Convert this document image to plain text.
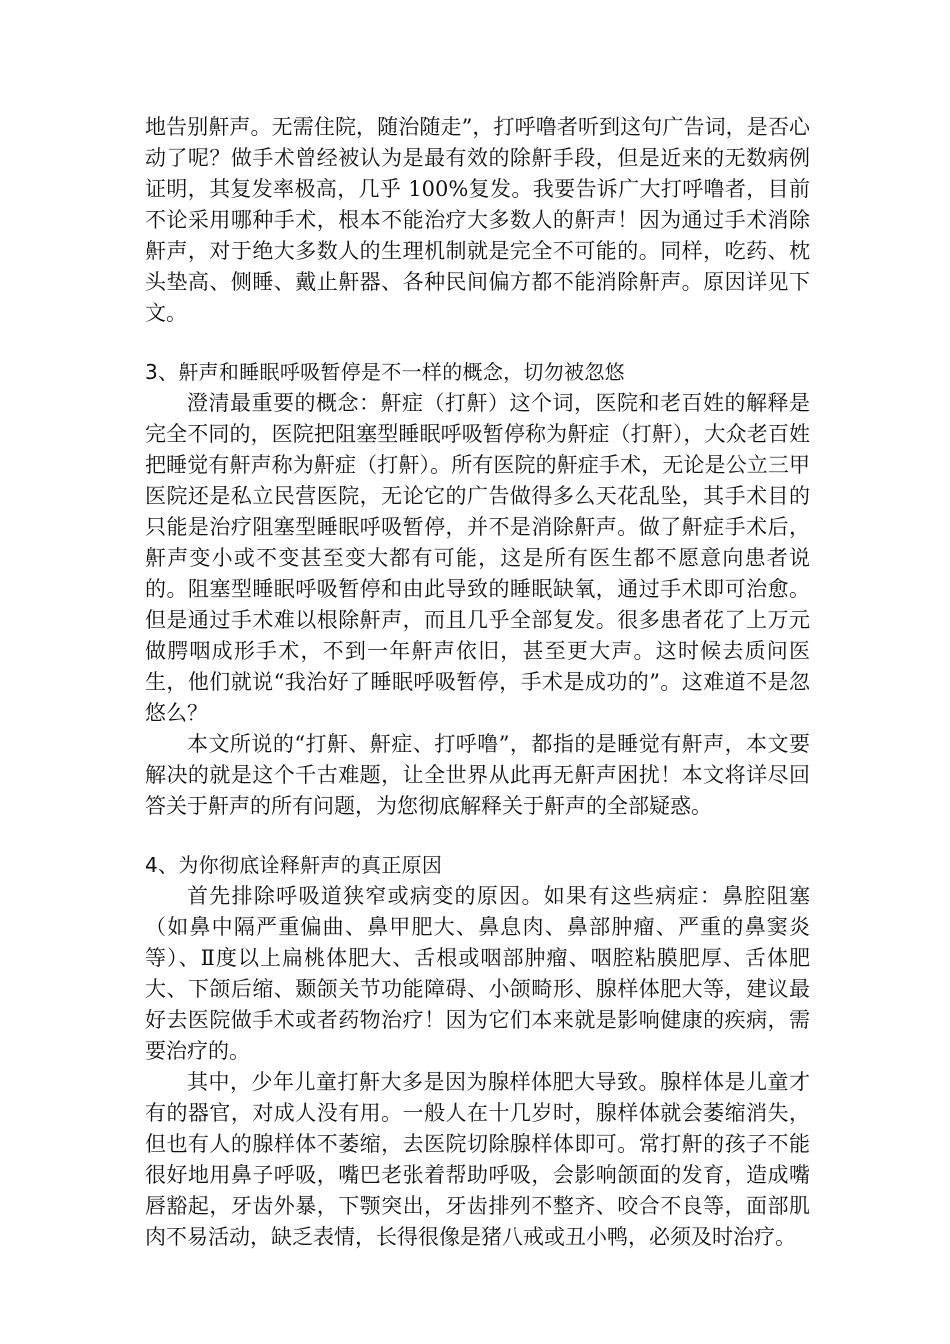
地告别鼾声。无需住院，随治随走”，打呼噜者听到这句广告词，是否心动了呢？做手术曾经被认为是最有效的除鼾手段，但是近来的无数病例证明，其复发率极高，几乎 100%复发。我要告诉广大打呼噜者，目前不论采用哪种手术，根本不能治疗大多数人的鼾声！因为通过手术消除鼾声，对于绝大多数人的生理机制就是完全不可能的。同样，吃药、枕头垫高、侧睡、戴止鼾器、各种民间偏方都不能消除鼾声。原因详见下文。

3、鼾声和睡眠呼吸暂停是不一样的概念，切勿被忽悠

澄清最重要的概念：鼾症（打鼾）这个词，医院和老百姓的解释是完全不同的，医院把阻塞型睡眠呼吸暂停称为鼾症（打鼾），大众老百姓把睡觉有鼾声称为鼾症（打鼾）。所有医院的鼾症手术，无论是公立三甲医院还是私立民营医院，无论它的广告做得多么天花乱坠，其手术目的只能是治疗阻塞型睡眠呼吸暂停，并不是消除鼾声。做了鼾症手术后，鼾声变小或不变甚至变大都有可能，这是所有医生都不愿意向患者说的。阻塞型睡眠呼吸暂停和由此导致的睡眠缺氧，通过手术即可治愈。但是通过手术难以根除鼾声，而且几乎全部复发。很多患者花了上万元做腭咽成形手术，不到一年鼾声依旧，甚至更大声。这时候去质问医生，他们就说“我治好了睡眠呼吸暂停，手术是成功的”。这难道不是忽悠么？

本文所说的“打鼾、鼾症、打呼噜”，都指的是睡觉有鼾声，本文要解决的就是这个千古难题，让全世界从此再无鼾声困扰！本文将详尽回答关于鼾声的所有问题，为您彻底解释关于鼾声的全部疑惑。

4、为你彻底诠释鼾声的真正原因

首先排除呼吸道狭窄或病变的原因。如果有这些病症：鼻腔阻塞（如鼻中隔严重偏曲、鼻甲肥大、鼻息肉、鼻部肿瘤、严重的鼻窦炎等）、Ⅱ度以上扁桃体肥大、舌根或咽部肿瘤、咽腔粘膜肥厚、舌体肥大、下颌后缩、颞颌关节功能障碍、小颌畸形、腺样体肥大等，建议最好去医院做手术或者药物治疗！因为它们本来就是影响健康的疾病，需要治疗的。

其中，少年儿童打鼾大多是因为腺样体肥大导致。腺样体是儿童才有的器官，对成人没有用。一般人在十几岁时，腺样体就会萎缩消失，但也有人的腺样体不萎缩，去医院切除腺样体即可。常打鼾的孩子不能很好地用鼻子呼吸，嘴巴老张着帮助呼吸，会影响颌面的发育，造成嘴唇豁起，牙齿外暴，下颚突出，牙齿排列不整齐、咬合不良等，面部肌肉不易活动，缺乏表情，长得很像是猪八戒或丑小鸭，必须及时治疗。
